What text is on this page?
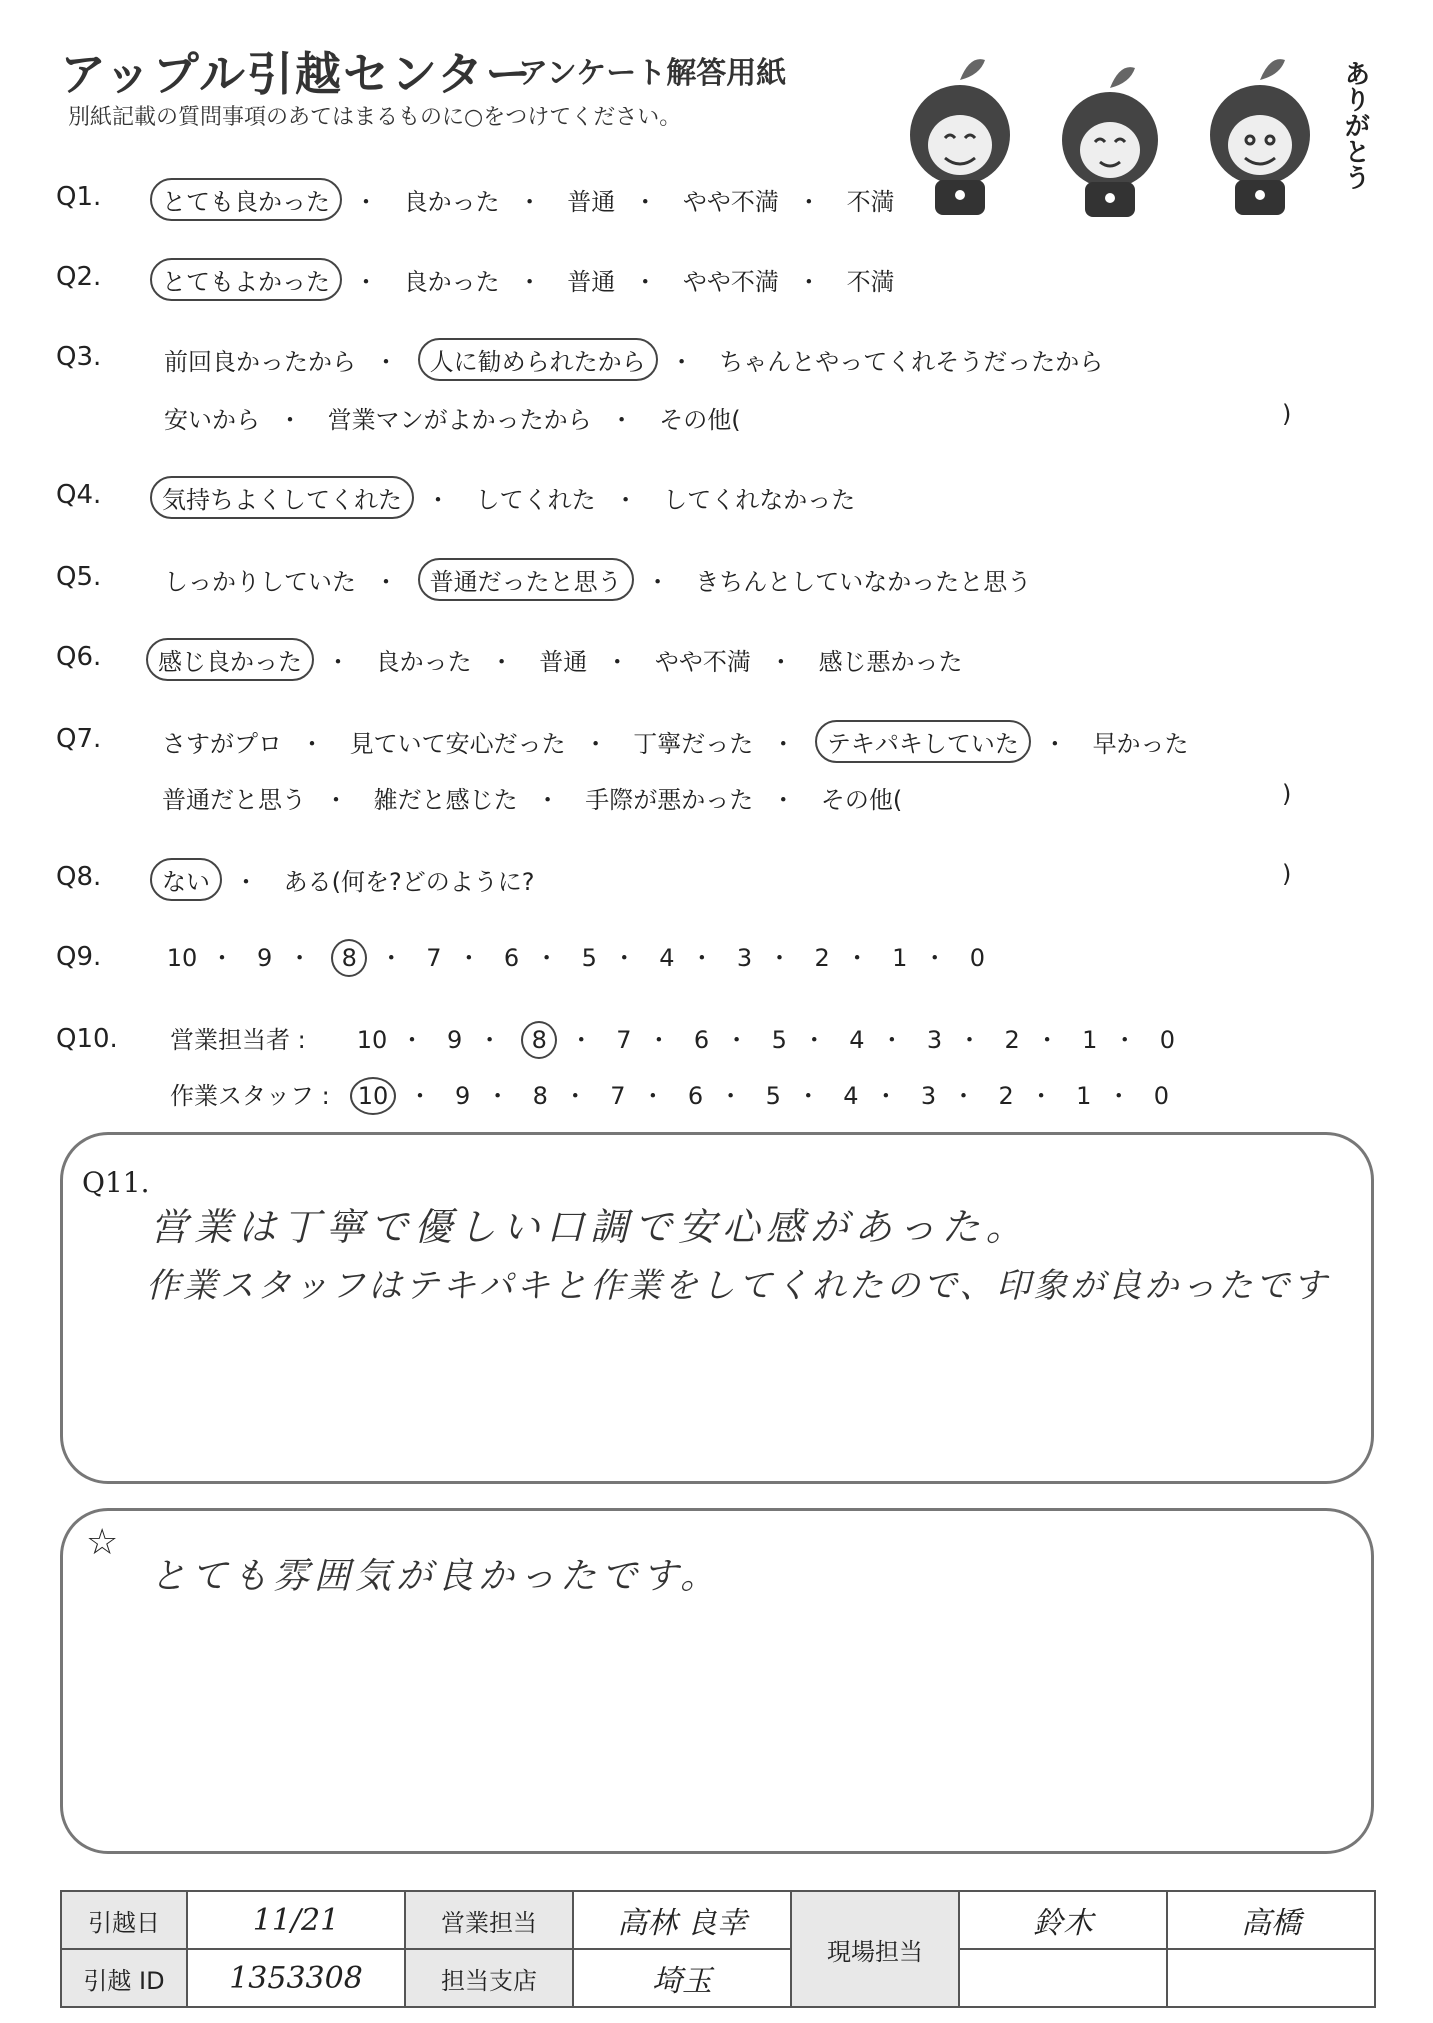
アップル引越センター
アンケート解答用紙
別紙記載の質問事項のあてはまるものに○をつけてください。	ありがとう
Q1.	とても良かった ・ 良かった ・ 普通 ・ やや不満 ・ 不満
Q2.	とてもよかった ・ 良かった ・ 普通 ・ やや不満 ・ 不満
Q3.	前回良かったから ・ 人に勧められたから ・ ちゃんとやってくれそうだったから
安いから ・ 営業マンがよかったから ・ その他(	)
Q4.	気持ちよくしてくれた ・ してくれた ・ してくれなかった
Q5.	しっかりしていた ・ 普通だったと思う ・ きちんとしていなかったと思う
Q6.	感じ良かった ・ 良かった ・ 普通 ・ やや不満 ・ 感じ悪かった
Q7.	さすがプロ ・ 見ていて安心だった ・ 丁寧だった ・ テキパキしていた ・ 早かった
普通だと思う ・ 雑だと感じた ・ 手際が悪かった ・ その他(	)
Q8.	ない ・ ある(何を?どのように?	)
Q9.	10 ・ 9 ・ 8 ・ 7 ・ 6 ・ 5 ・ 4 ・ 3 ・ 2 ・ 1 ・ 0
Q10. 営業担当者 : 10 ・ 9 ・ 8 ・ 7 ・ 6 ・ 5 ・ 4 ・ 3 ・ 2 ・ 1 ・ 0
作業スタッフ :	10 ・ 9 ・ 8 ・ 7 ・ 6 ・ 5 ・ 4 ・ 3 ・ 2 ・ 1 ・ 0
Q11.
営業は丁寧で優しい口調で安心感があった。
作業スタッフはテキパキと作業をしてくれたので、印象が良かったです
☆
とても雰囲気が良かったです。
引越日	11/21	営業担当	高林 良幸	現場担当	鈴木	高橋
引越 ID	1353308	担当支店	埼玉			
